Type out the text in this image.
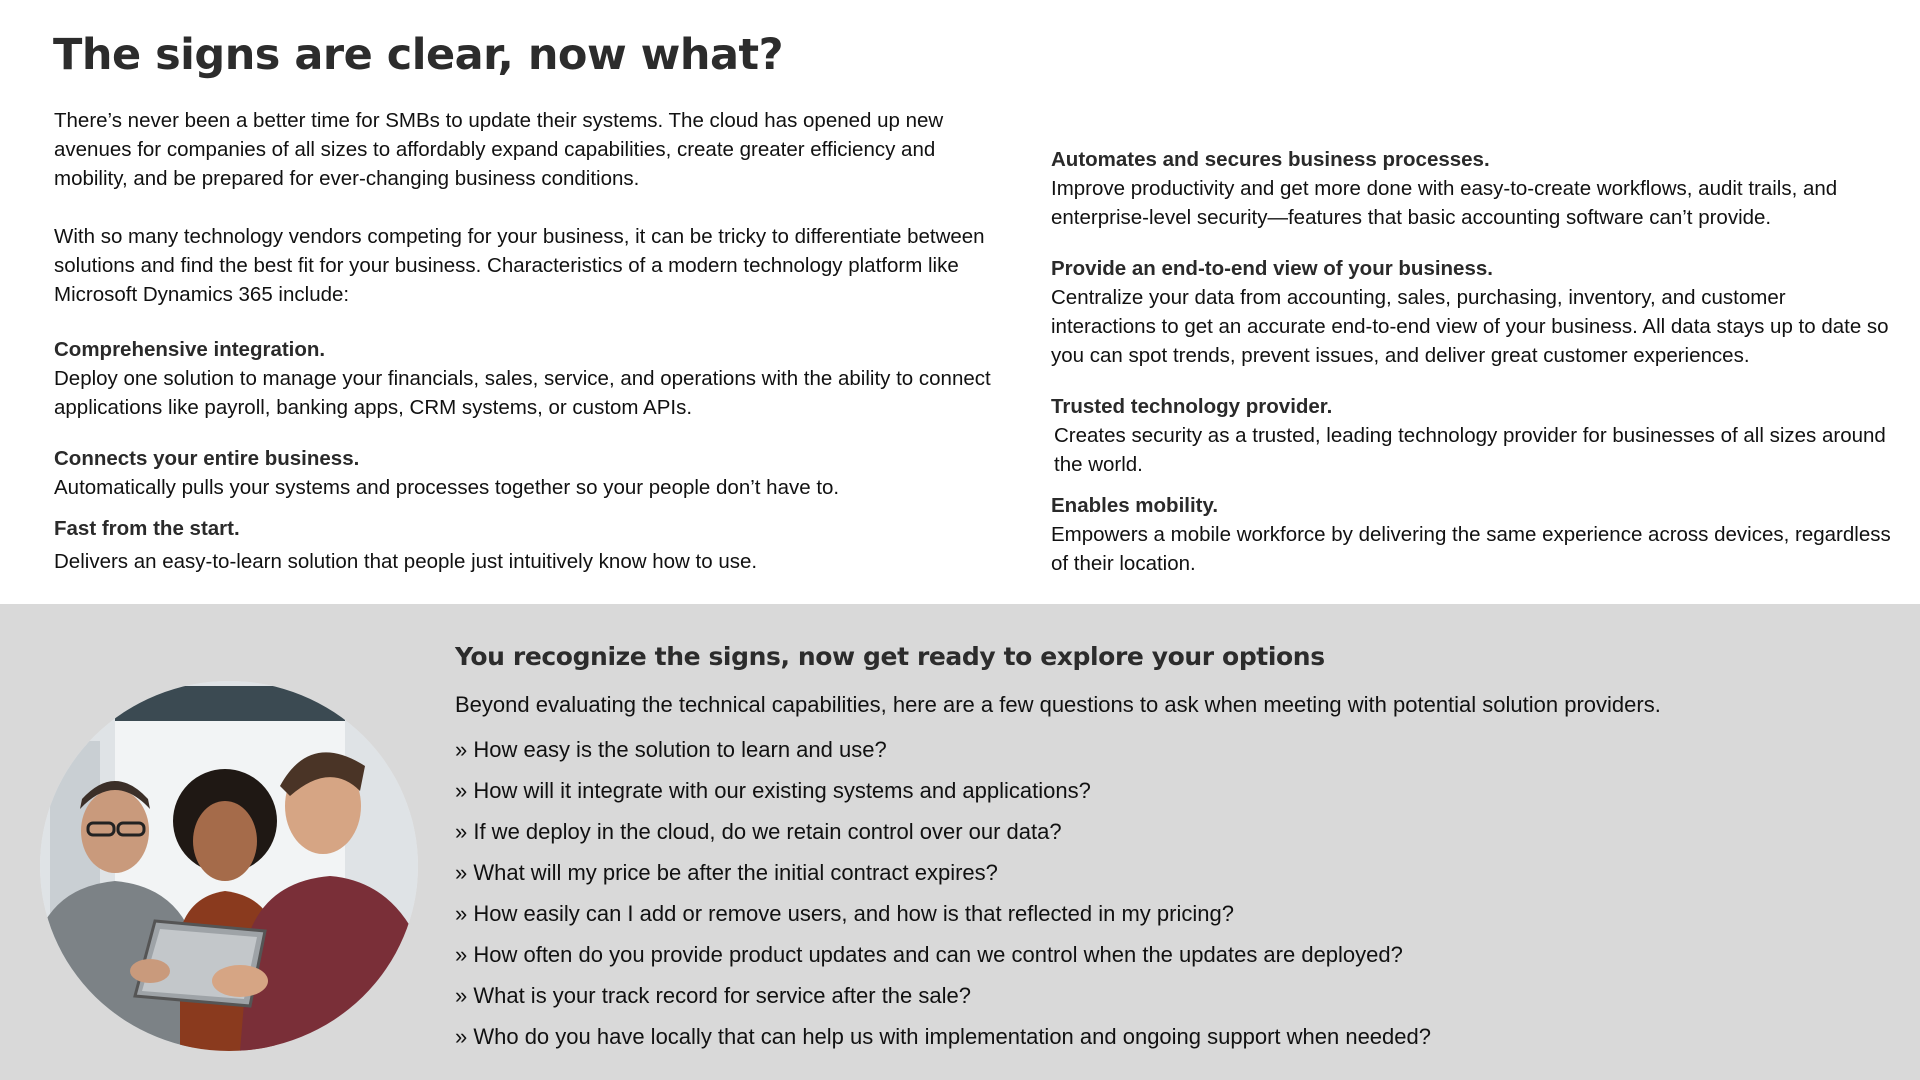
The signs are clear, now what?

There’s never been a better time for SMBs to update their systems. The cloud has opened up new avenues for companies of all sizes to affordably expand capabilities, create greater efficiency and mobility, and be prepared for ever-changing business conditions.

With so many technology vendors competing for your business, it can be tricky to differentiate between solutions and find the best fit for your business. Characteristics of a modern technology platform like Microsoft Dynamics 365 include:

Comprehensive integration.
Deploy one solution to manage your financials, sales, service, and operations with the ability to connect applications like payroll, banking apps, CRM systems, or custom APIs.
Connects your entire business.
Automatically pulls your systems and processes together so your people don’t have to.
Fast from the start.
Delivers an easy-to-learn solution that people just intuitively know how to use.
Automates and secures business processes.
Improve productivity and get more done with easy-to-create workflows, audit trails, and enterprise-level security—features that basic accounting software can’t provide.
Provide an end-to-end view of your business.
Centralize your data from accounting, sales, purchasing, inventory, and customer interactions to get an accurate end-to-end view of your business. All data stays up to date so you can spot trends, prevent issues, and deliver great customer experiences.
Trusted technology provider.
Creates security as a trusted, leading technology provider for businesses of all sizes around the world.
Enables mobility.
Empowers a mobile workforce by delivering the same experience across devices, regardless of their location.
You recognize the signs, now get ready to explore your options

Beyond evaluating the technical capabilities, here are a few questions to ask when meeting with potential solution providers.

» How easy is the solution to learn and use?
» How will it integrate with our existing systems and applications?
» If we deploy in the cloud, do we retain control over our data?
» What will my price be after the initial contract expires?
» How easily can I add or remove users, and how is that reflected in my pricing?
» How often do you provide product updates and can we control when the updates are deployed?
» What is your track record for service after the sale?
» Who do you have locally that can help us with implementation and ongoing support when needed?
